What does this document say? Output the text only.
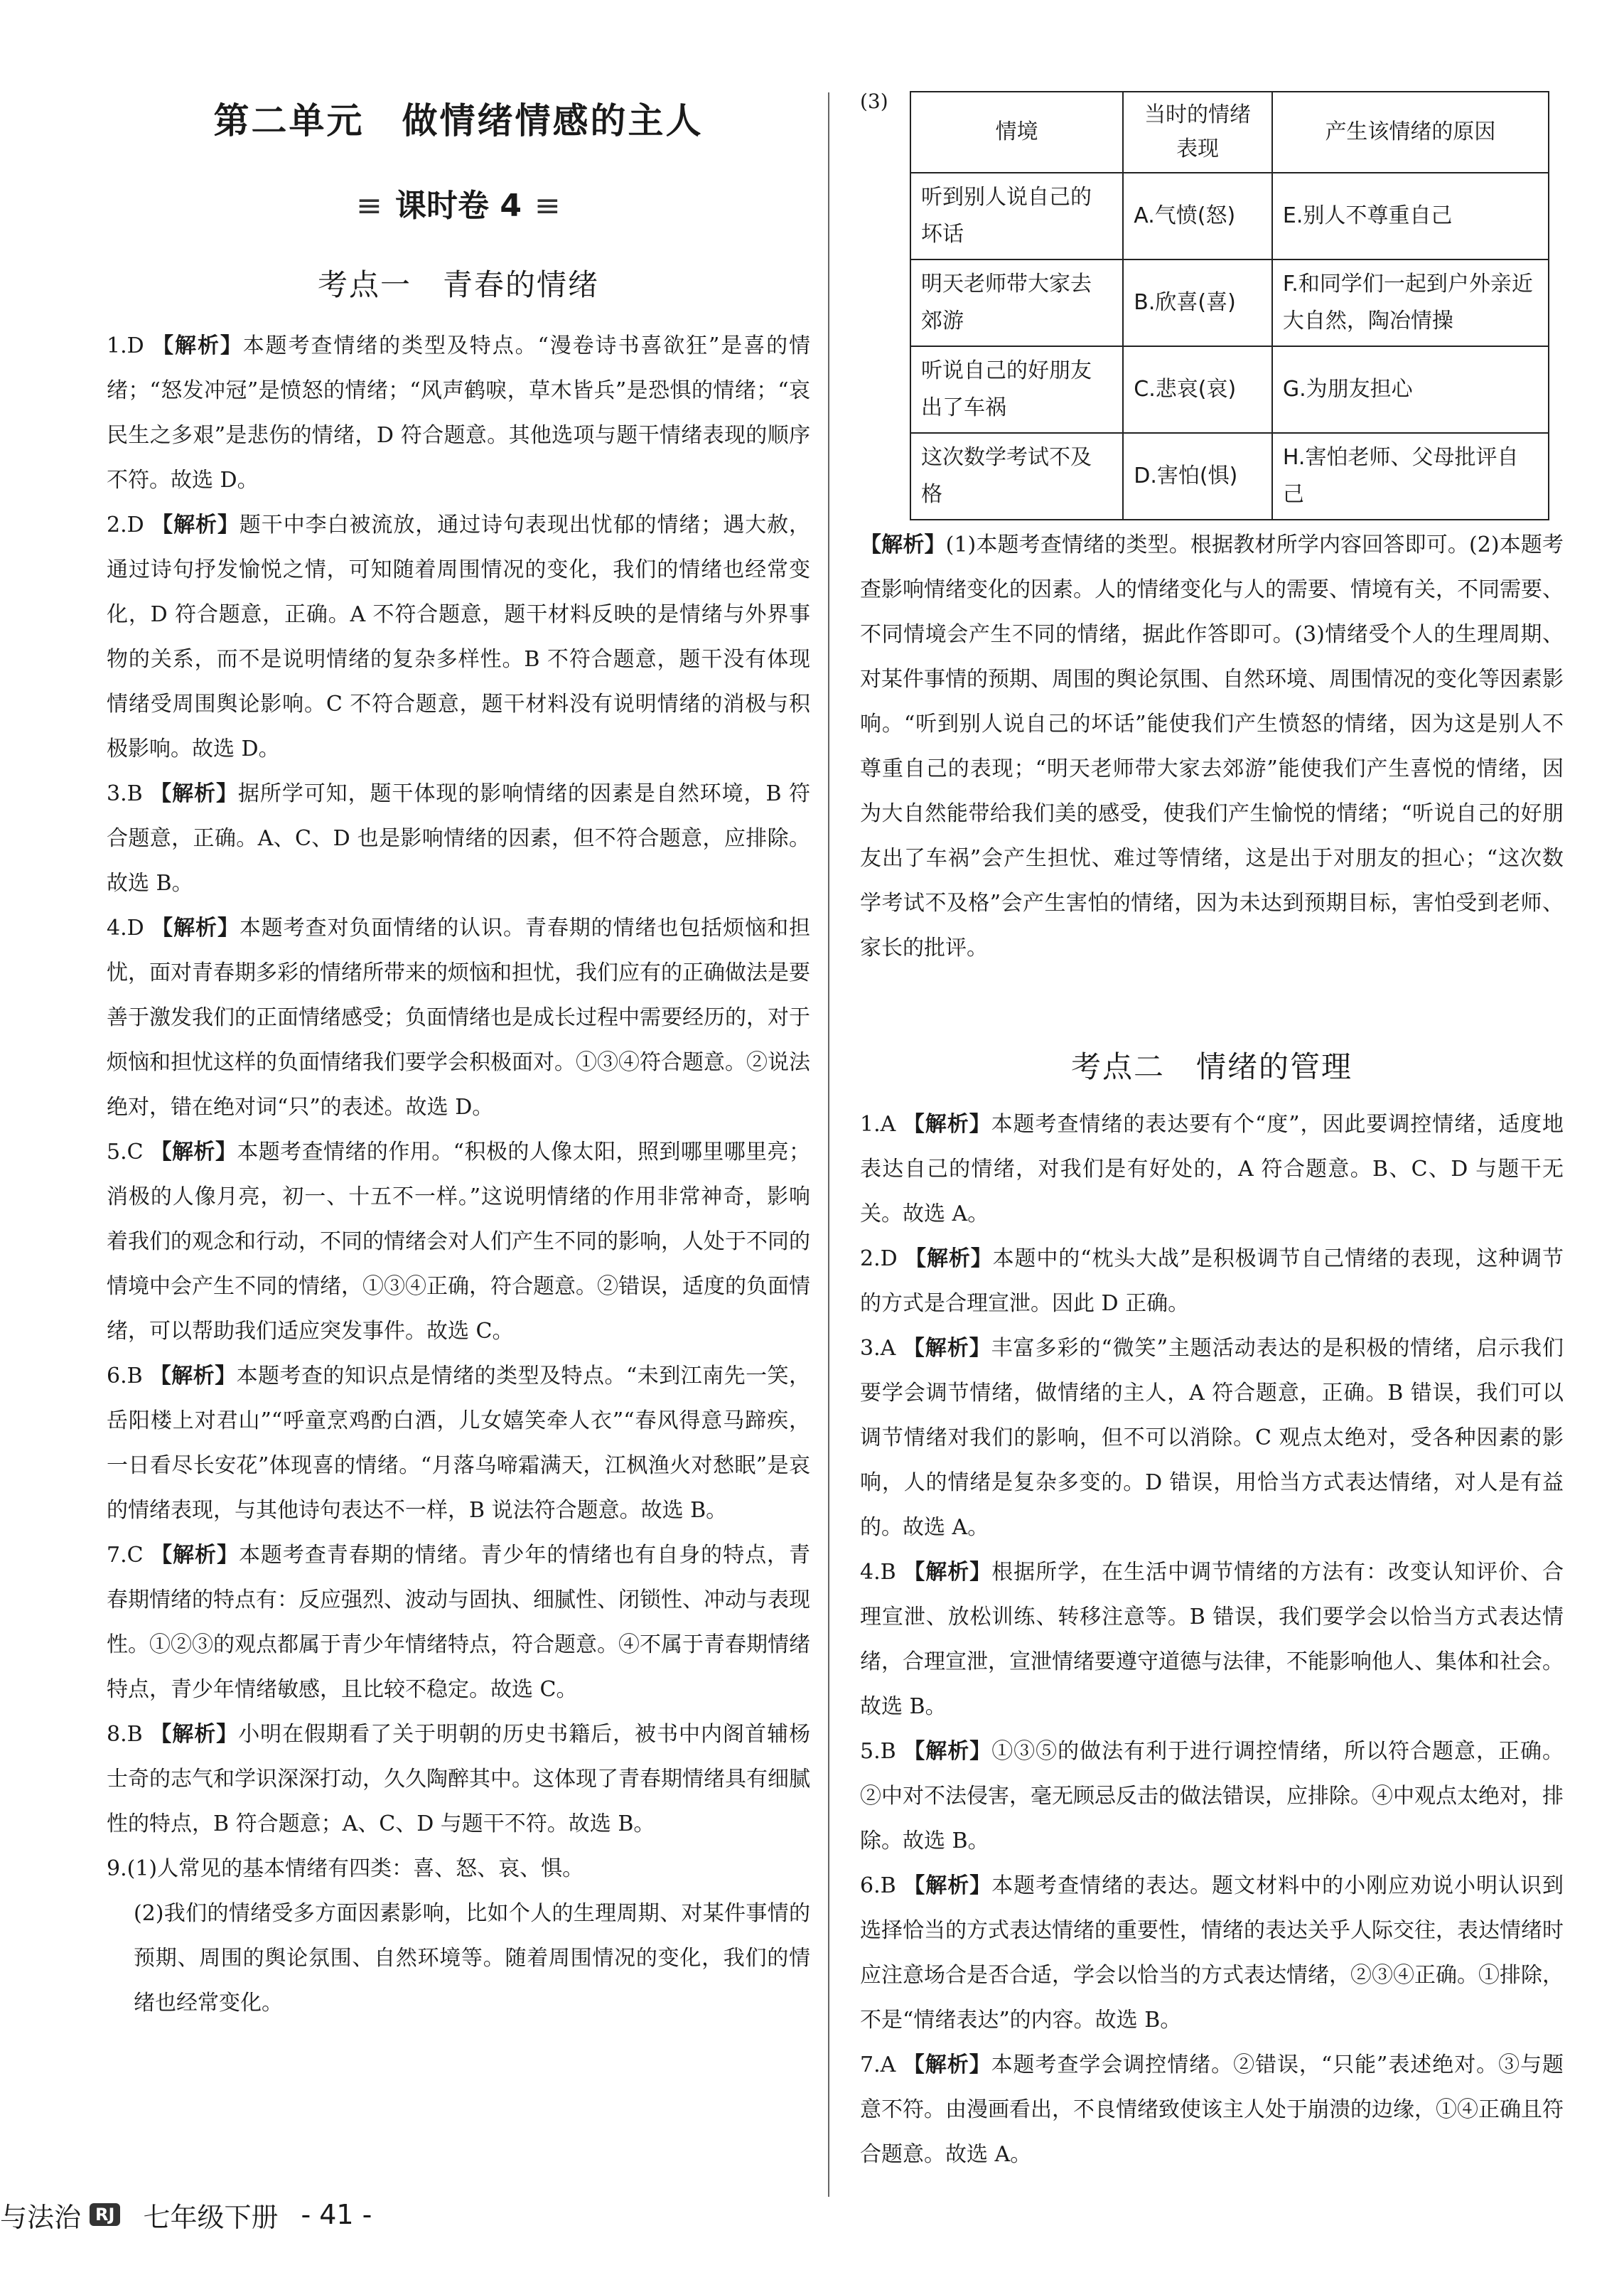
第二单元　做情绪情感的主人
≡ 课时卷 4 ≡
考点一　青春的情绪
1.D 【解析】本题考查情绪的类型及特点。“漫卷诗书喜欲狂”是喜的情绪；“怒发冲冠”是愤怒的情绪；“风声鹤唳，草木皆兵”是恐惧的情绪；“哀民生之多艰”是悲伤的情绪，D 符合题意。其他选项与题干情绪表现的顺序不符。故选 D。
2.D 【解析】题干中李白被流放，通过诗句表现出忧郁的情绪；遇大赦，通过诗句抒发愉悦之情，可知随着周围情况的变化，我们的情绪也经常变化，D 符合题意，正确。A 不符合题意，题干材料反映的是情绪与外界事物的关系，而不是说明情绪的复杂多样性。B 不符合题意，题干没有体现情绪受周围舆论影响。C 不符合题意，题干材料没有说明情绪的消极与积极影响。故选 D。
3.B 【解析】据所学可知，题干体现的影响情绪的因素是自然环境，B 符合题意，正确。A、C、D 也是影响情绪的因素，但不符合题意，应排除。故选 B。
4.D 【解析】本题考查对负面情绪的认识。青春期的情绪也包括烦恼和担忧，面对青春期多彩的情绪所带来的烦恼和担忧，我们应有的正确做法是要善于激发我们的正面情绪感受；负面情绪也是成长过程中需要经历的，对于烦恼和担忧这样的负面情绪我们要学会积极面对。①③④符合题意。②说法绝对，错在绝对词“只”的表述。故选 D。
5.C 【解析】本题考查情绪的作用。“积极的人像太阳，照到哪里哪里亮；消极的人像月亮，初一、十五不一样。”这说明情绪的作用非常神奇，影响着我们的观念和行动，不同的情绪会对人们产生不同的影响，人处于不同的情境中会产生不同的情绪，①③④正确，符合题意。②错误，适度的负面情绪，可以帮助我们适应突发事件。故选 C。
6.B 【解析】本题考查的知识点是情绪的类型及特点。“未到江南先一笑，岳阳楼上对君山”“呼童烹鸡酌白酒，儿女嬉笑牵人衣”“春风得意马蹄疾，一日看尽长安花”体现喜的情绪。“月落乌啼霜满天，江枫渔火对愁眠”是哀的情绪表现，与其他诗句表达不一样，B 说法符合题意。故选 B。
7.C 【解析】本题考查青春期的情绪。青少年的情绪也有自身的特点，青春期情绪的特点有：反应强烈、波动与固执、细腻性、闭锁性、冲动与表现性。①②③的观点都属于青少年情绪特点，符合题意。④不属于青春期情绪特点，青少年情绪敏感，且比较不稳定。故选 C。
8.B 【解析】小明在假期看了关于明朝的历史书籍后，被书中内阁首辅杨士奇的志气和学识深深打动，久久陶醉其中。这体现了青春期情绪具有细腻性的特点，B 符合题意；A、C、D 与题干不符。故选 B。

9.(1)人常见的基本情绪有四类：喜、怒、哀、惧。

(2)我们的情绪受多方面因素影响，比如个人的生理周期、对某件事情的预期、周围的舆论氛围、自然环境等。随着周围情况的变化，我们的情绪也经常变化。

与法治 RJ 七年级下册 - 41 -
(3)
情境	当时的情绪表现	产生该情绪的原因
听到别人说自己的坏话	A.气愤(怒)	E.别人不尊重自己
明天老师带大家去郊游	B.欣喜(喜)	F.和同学们一起到户外亲近大自然，陶冶情操
听说自己的好朋友出了车祸	C.悲哀(哀)	G.为朋友担心
这次数学考试不及格	D.害怕(惧)	H.害怕老师、父母批评自己
【解析】(1)本题考查情绪的类型。根据教材所学内容回答即可。(2)本题考查影响情绪变化的因素。人的情绪变化与人的需要、情境有关，不同需要、不同情境会产生不同的情绪，据此作答即可。(3)情绪受个人的生理周期、对某件事情的预期、周围的舆论氛围、自然环境、周围情况的变化等因素影响。“听到别人说自己的坏话”能使我们产生愤怒的情绪，因为这是别人不尊重自己的表现；“明天老师带大家去郊游”能使我们产生喜悦的情绪，因为大自然能带给我们美的感受，使我们产生愉悦的情绪；“听说自己的好朋友出了车祸”会产生担忧、难过等情绪，这是出于对朋友的担心；“这次数学考试不及格”会产生害怕的情绪，因为未达到预期目标，害怕受到老师、家长的批评。
考点二　情绪的管理
1.A 【解析】本题考查情绪的表达要有个“度”，因此要调控情绪，适度地表达自己的情绪，对我们是有好处的，A 符合题意。B、C、D 与题干无关。故选 A。
2.D 【解析】本题中的“枕头大战”是积极调节自己情绪的表现，这种调节的方式是合理宣泄。因此 D 正确。
3.A 【解析】丰富多彩的“微笑”主题活动表达的是积极的情绪，启示我们要学会调节情绪，做情绪的主人，A 符合题意，正确。B 错误，我们可以调节情绪对我们的影响，但不可以消除。C 观点太绝对，受各种因素的影响，人的情绪是复杂多变的。D 错误，用恰当方式表达情绪，对人是有益的。故选 A。
4.B 【解析】根据所学，在生活中调节情绪的方法有：改变认知评价、合理宣泄、放松训练、转移注意等。B 错误，我们要学会以恰当方式表达情绪，合理宣泄，宣泄情绪要遵守道德与法律，不能影响他人、集体和社会。故选 B。
5.B 【解析】①③⑤的做法有利于进行调控情绪，所以符合题意，正确。②中对不法侵害，毫无顾忌反击的做法错误，应排除。④中观点太绝对，排除。故选 B。
6.B 【解析】本题考查情绪的表达。题文材料中的小刚应劝说小明认识到选择恰当的方式表达情绪的重要性，情绪的表达关乎人际交往，表达情绪时应注意场合是否合适，学会以恰当的方式表达情绪，②③④正确。①排除，不是“情绪表达”的内容。故选 B。
7.A 【解析】本题考查学会调控情绪。②错误，“只能”表述绝对。③与题意不符。由漫画看出，不良情绪致使该主人处于崩溃的边缘，①④正确且符合题意。故选 A。
